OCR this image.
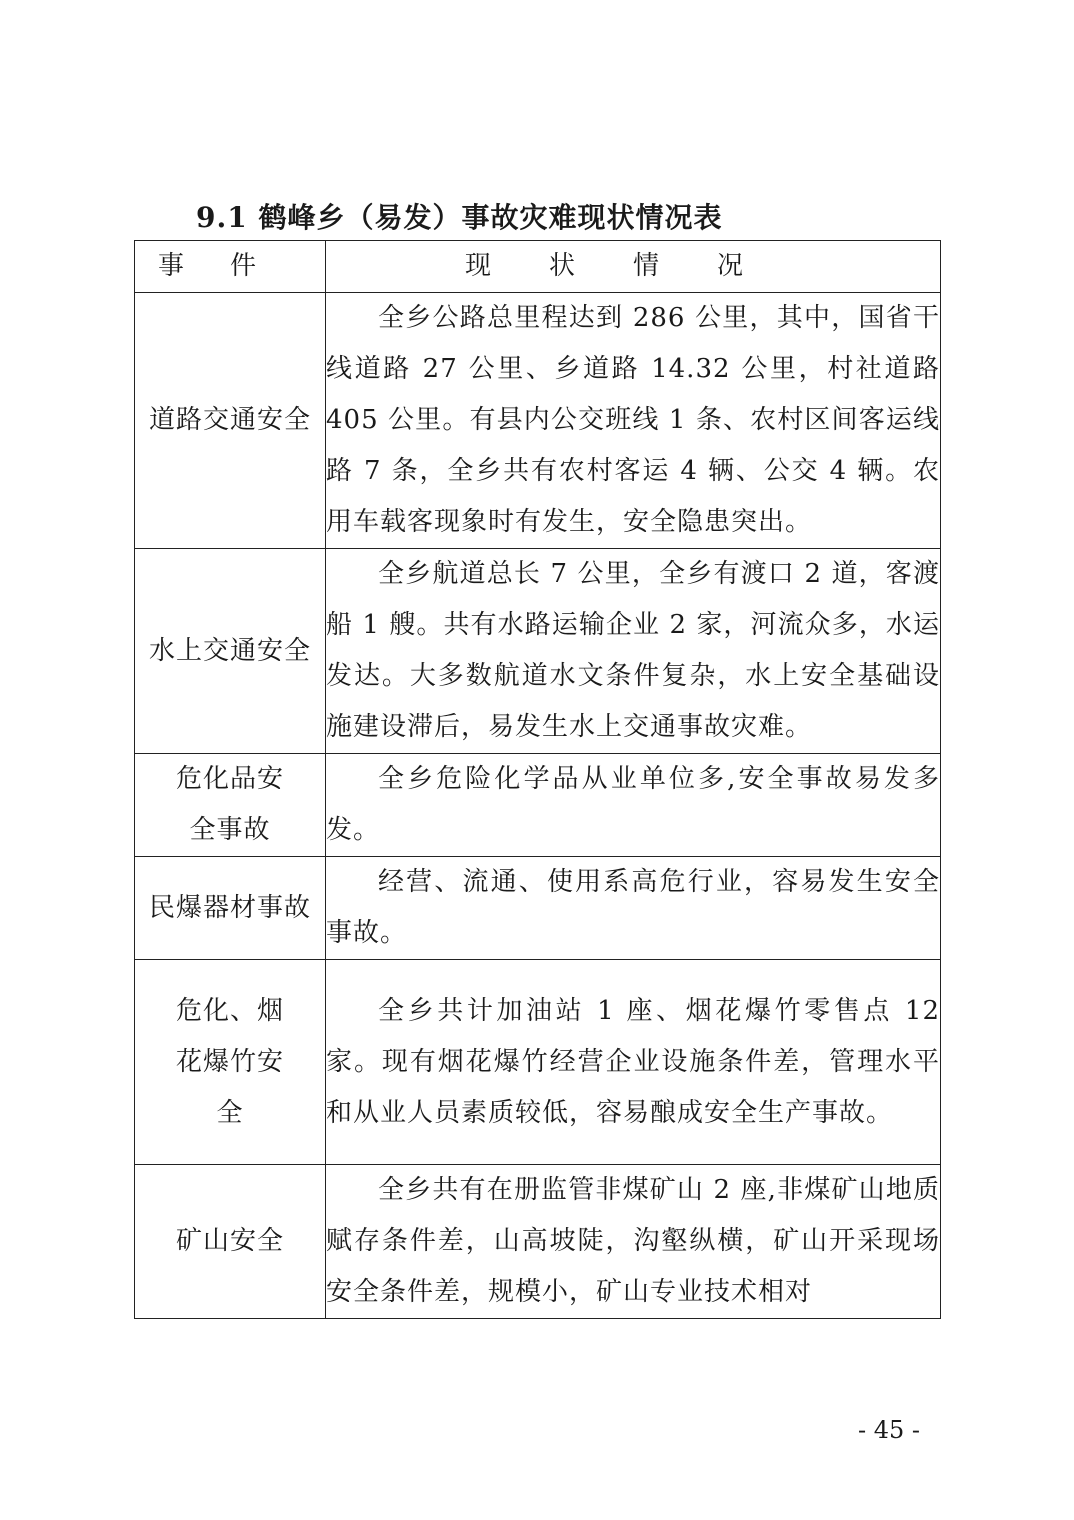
9.1 鹤峰乡（易发）事故灾难现状情况表
事件	现状情况
道路交通安全	全乡公路总里程达到 286 公里，其中，国省干线道路 27 公里、乡道路 14.32 公里，村社道路 405 公里。有县内公交班线 1 条、农村区间客运线路 7 条，全乡共有农村客运 4 辆、公交 4 辆。农用车载客现象时有发生，安全隐患突出。
水上交通安全	全乡航道总长 7 公里，全乡有渡口 2 道，客渡船 1 艘。共有水路运输企业 2 家，河流众多，水运发达。大多数航道水文条件复杂，水上安全基础设施建设滞后，易发生水上交通事故灾难。
危化品安全事故	全乡危险化学品从业单位多,安全事故易发多发。
民爆器材事故	经营、流通、使用系高危行业，容易发生安全事故。
危化、烟花爆竹安全	全乡共计加油站 1 座、烟花爆竹零售点 12 家。现有烟花爆竹经营企业设施条件差，管理水平和从业人员素质较低，容易酿成安全生产事故。
矿山安全	全乡共有在册监管非煤矿山 2 座,非煤矿山地质赋存条件差，山高坡陡，沟壑纵横，矿山开采现场安全条件差，规模小，矿山专业技术相对
- 45 -
